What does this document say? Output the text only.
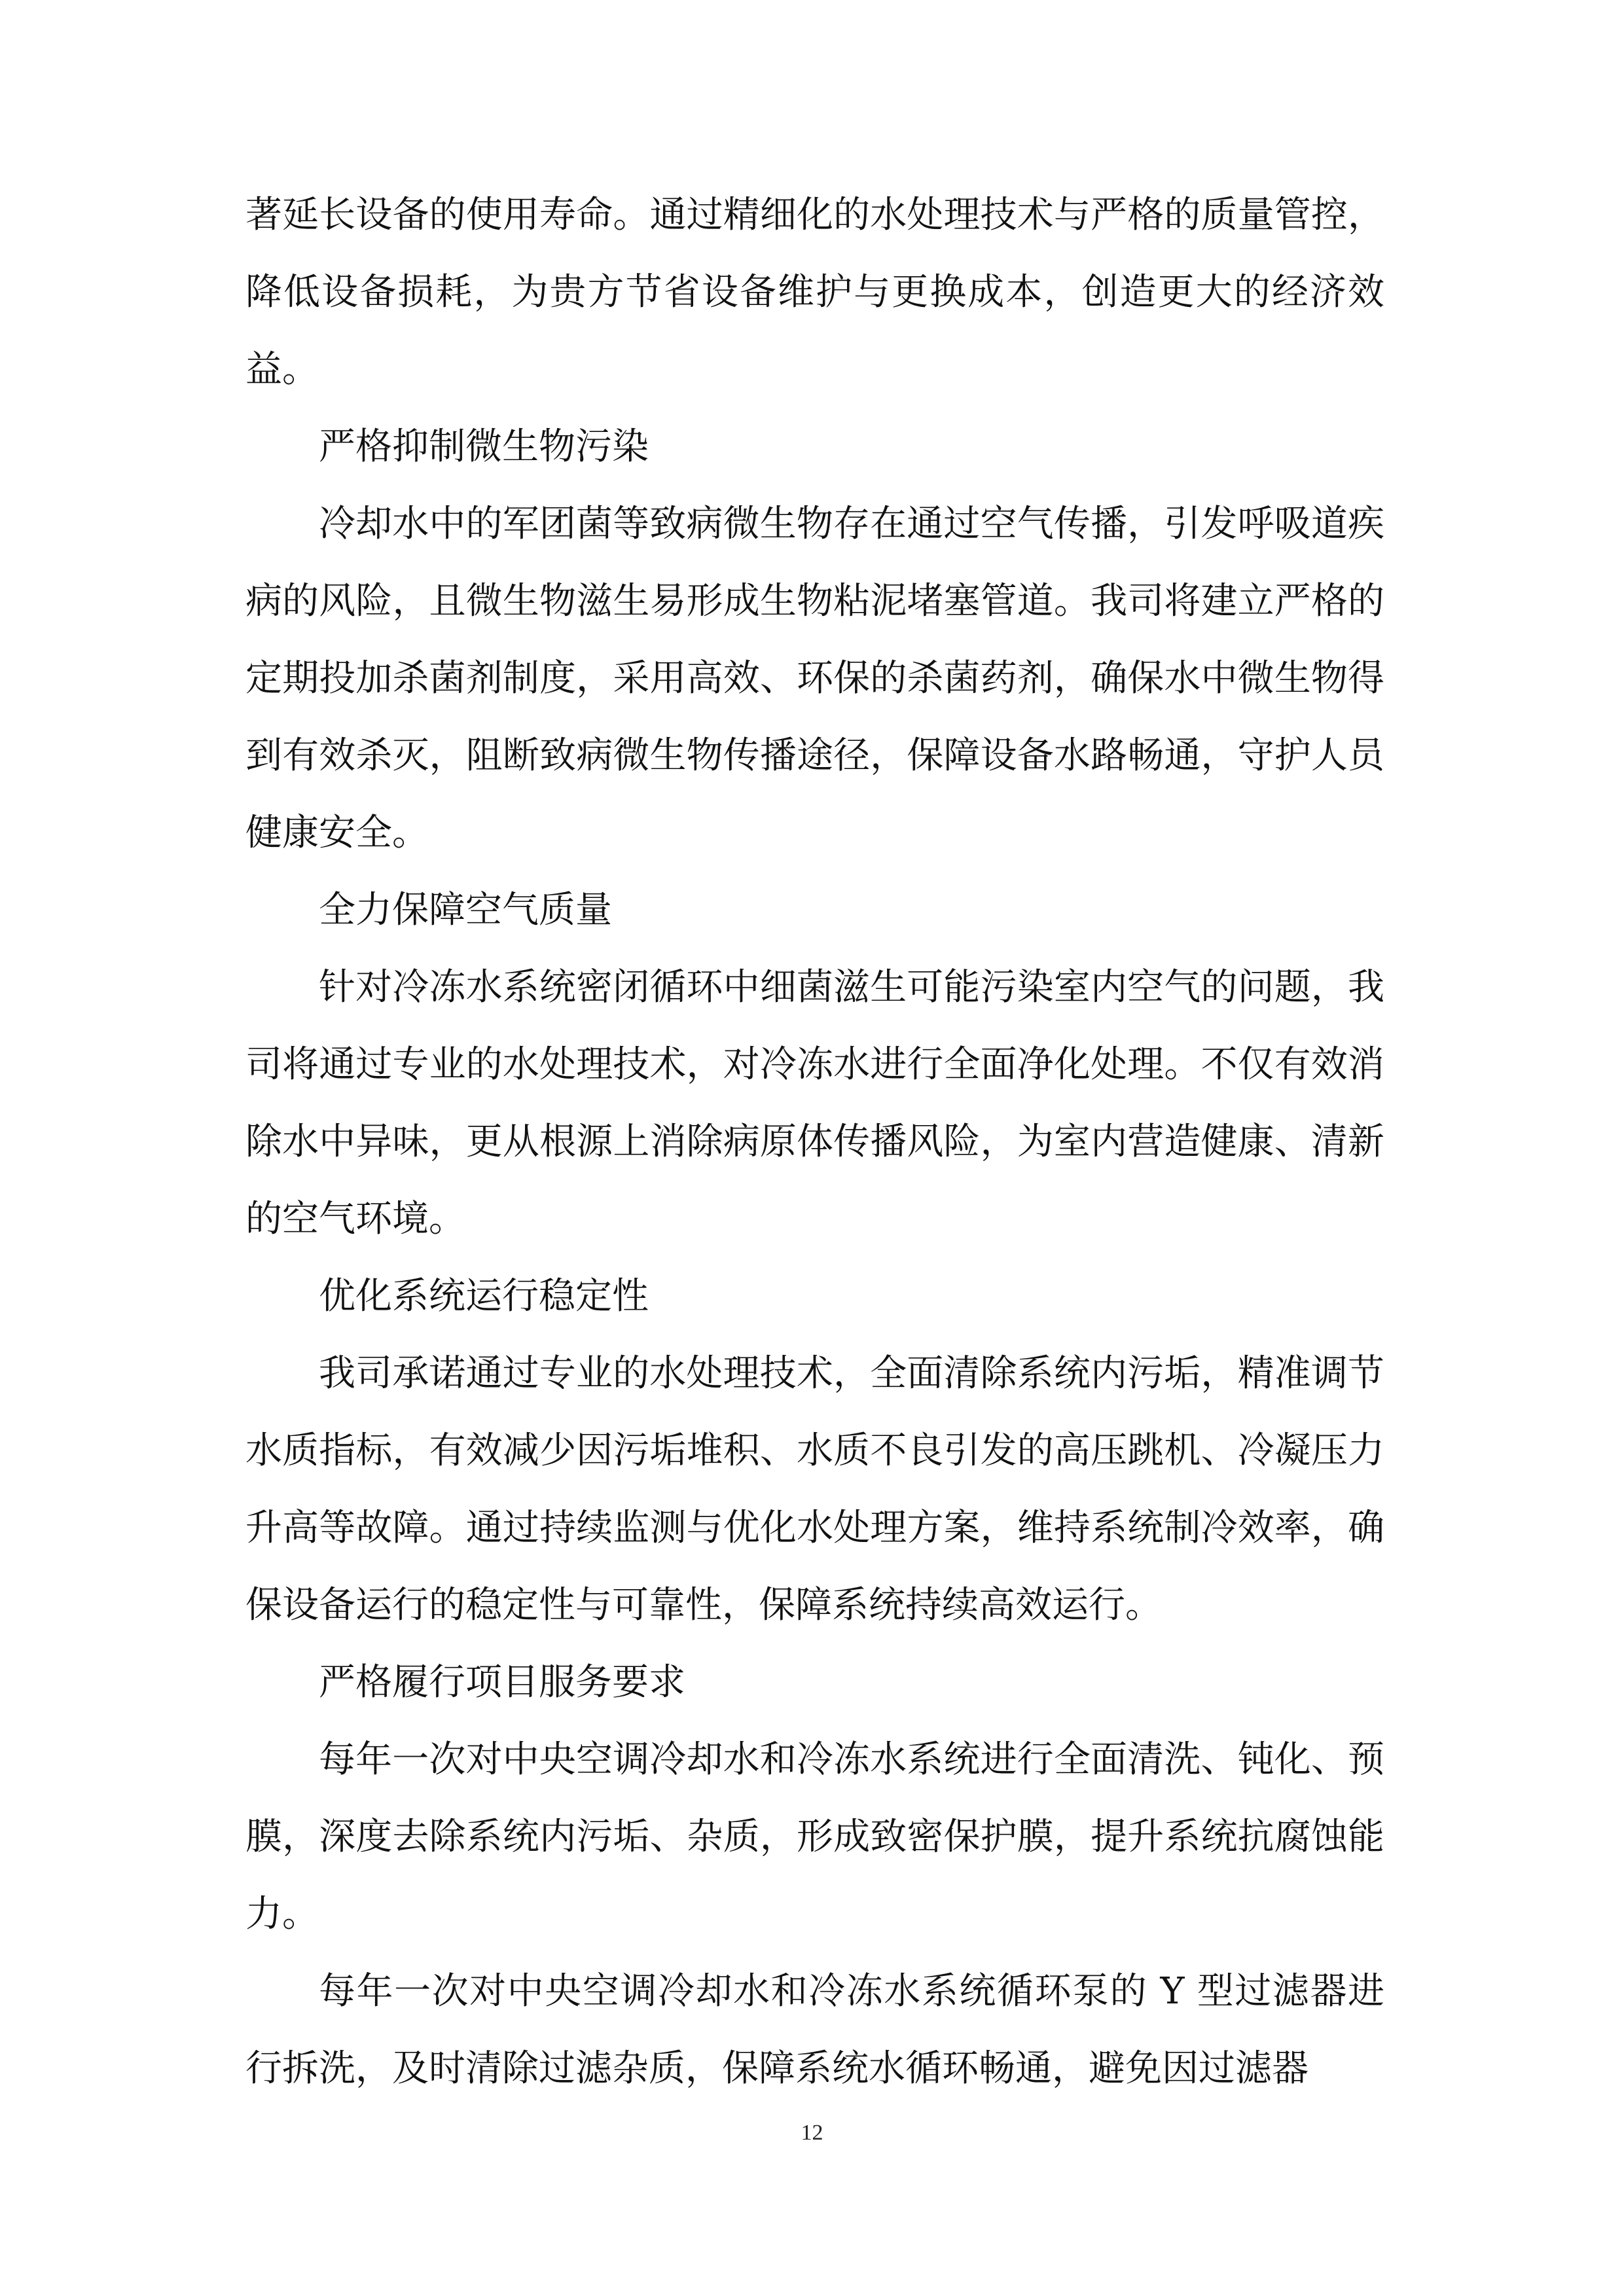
著延长设备的使用寿命。通过精细化的水处理技术与严格的质量管控，降低设备损耗，为贵方节省设备维护与更换成本，创造更大的经济效益。

严格抑制微生物污染

冷却水中的军团菌等致病微生物存在通过空气传播，引发呼吸道疾病的风险，且微生物滋生易形成生物粘泥堵塞管道。我司将建立严格的定期投加杀菌剂制度，采用高效、环保的杀菌药剂，确保水中微生物得到有效杀灭，阻断致病微生物传播途径，保障设备水路畅通，守护人员健康安全。

全力保障空气质量

针对冷冻水系统密闭循环中细菌滋生可能污染室内空气的问题，我司将通过专业的水处理技术，对冷冻水进行全面净化处理。不仅有效消除水中异味，更从根源上消除病原体传播风险，为室内营造健康、清新的空气环境。

优化系统运行稳定性

我司承诺通过专业的水处理技术，全面清除系统内污垢，精准调节水质指标，有效减少因污垢堆积、水质不良引发的高压跳机、冷凝压力升高等故障。通过持续监测与优化水处理方案，维持系统制冷效率，确保设备运行的稳定性与可靠性，保障系统持续高效运行。

严格履行项目服务要求

每年一次对中央空调冷却水和冷冻水系统进行全面清洗、钝化、预膜，深度去除系统内污垢、杂质，形成致密保护膜，提升系统抗腐蚀能力。

每年一次对中央空调冷却水和冷冻水系统循环泵的 Y 型过滤器进行拆洗，及时清除过滤杂质，保障系统水循环畅通，避免因过滤器

12
